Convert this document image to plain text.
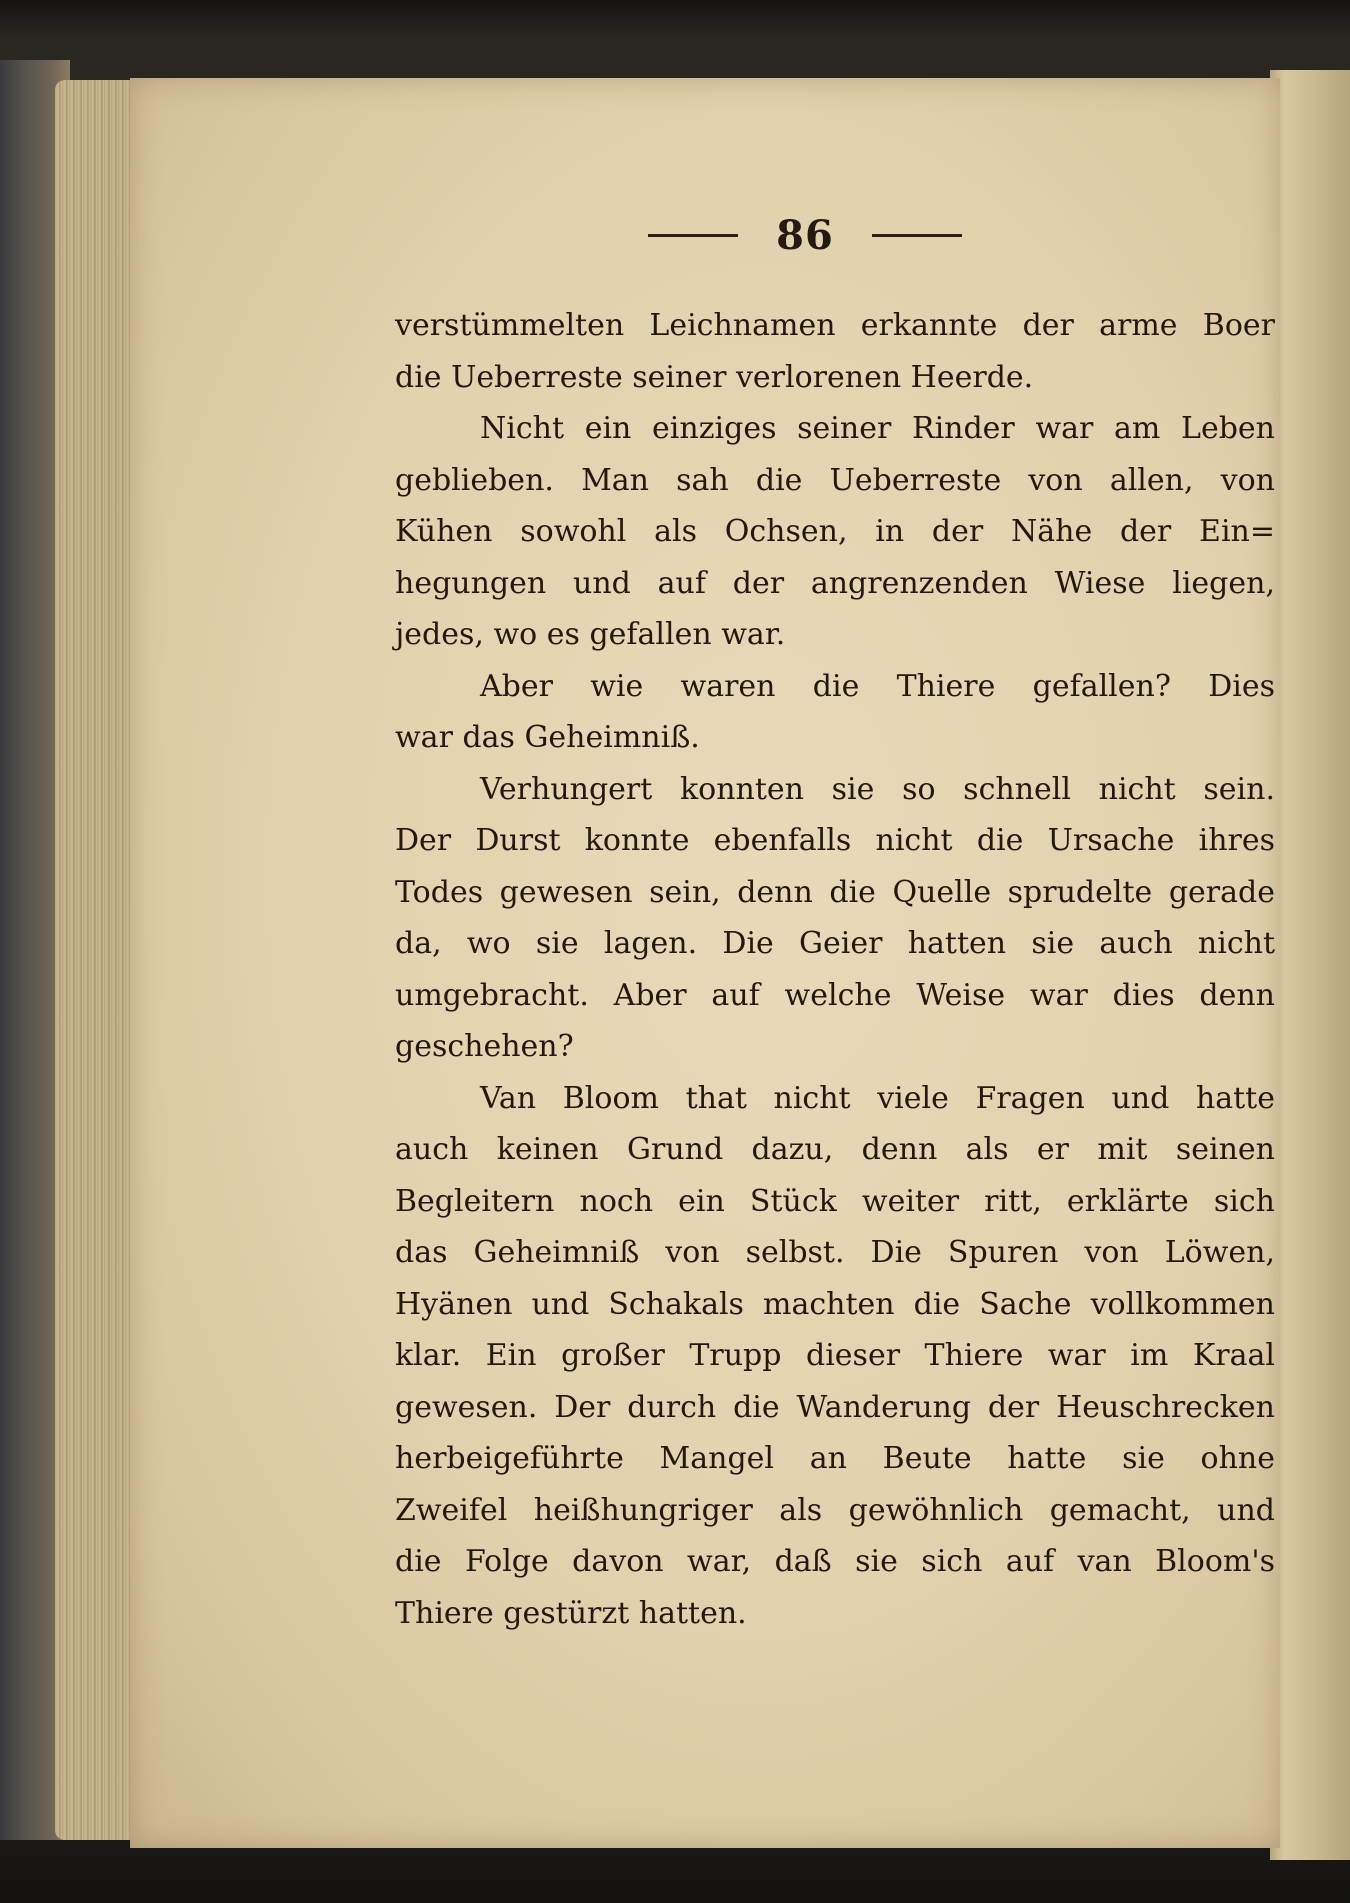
86
verstümmelten Leichnamen erkannte der arme Boer
die Ueberreste seiner verlorenen Heerde.
Nicht ein einziges seiner Rinder war am Leben
geblieben. Man sah die Ueberreste von allen, von
Kühen sowohl als Ochsen, in der Nähe der Ein=
hegungen und auf der angrenzenden Wiese liegen,
jedes, wo es gefallen war.
Aber wie waren die Thiere gefallen? Dies
war das Geheimniß.
Verhungert konnten sie so schnell nicht sein.
Der Durst konnte ebenfalls nicht die Ursache ihres
Todes gewesen sein, denn die Quelle sprudelte gerade
da, wo sie lagen. Die Geier hatten sie auch nicht
umgebracht. Aber auf welche Weise war dies denn
geschehen?
Van Bloom that nicht viele Fragen und hatte
auch keinen Grund dazu, denn als er mit seinen
Begleitern noch ein Stück weiter ritt, erklärte sich
das Geheimniß von selbst. Die Spuren von Löwen,
Hyänen und Schakals machten die Sache vollkommen
klar. Ein großer Trupp dieser Thiere war im Kraal
gewesen. Der durch die Wanderung der Heuschrecken
herbeigeführte Mangel an Beute hatte sie ohne
Zweifel heißhungriger als gewöhnlich gemacht, und
die Folge davon war, daß sie sich auf van Bloom's
Thiere gestürzt hatten.
